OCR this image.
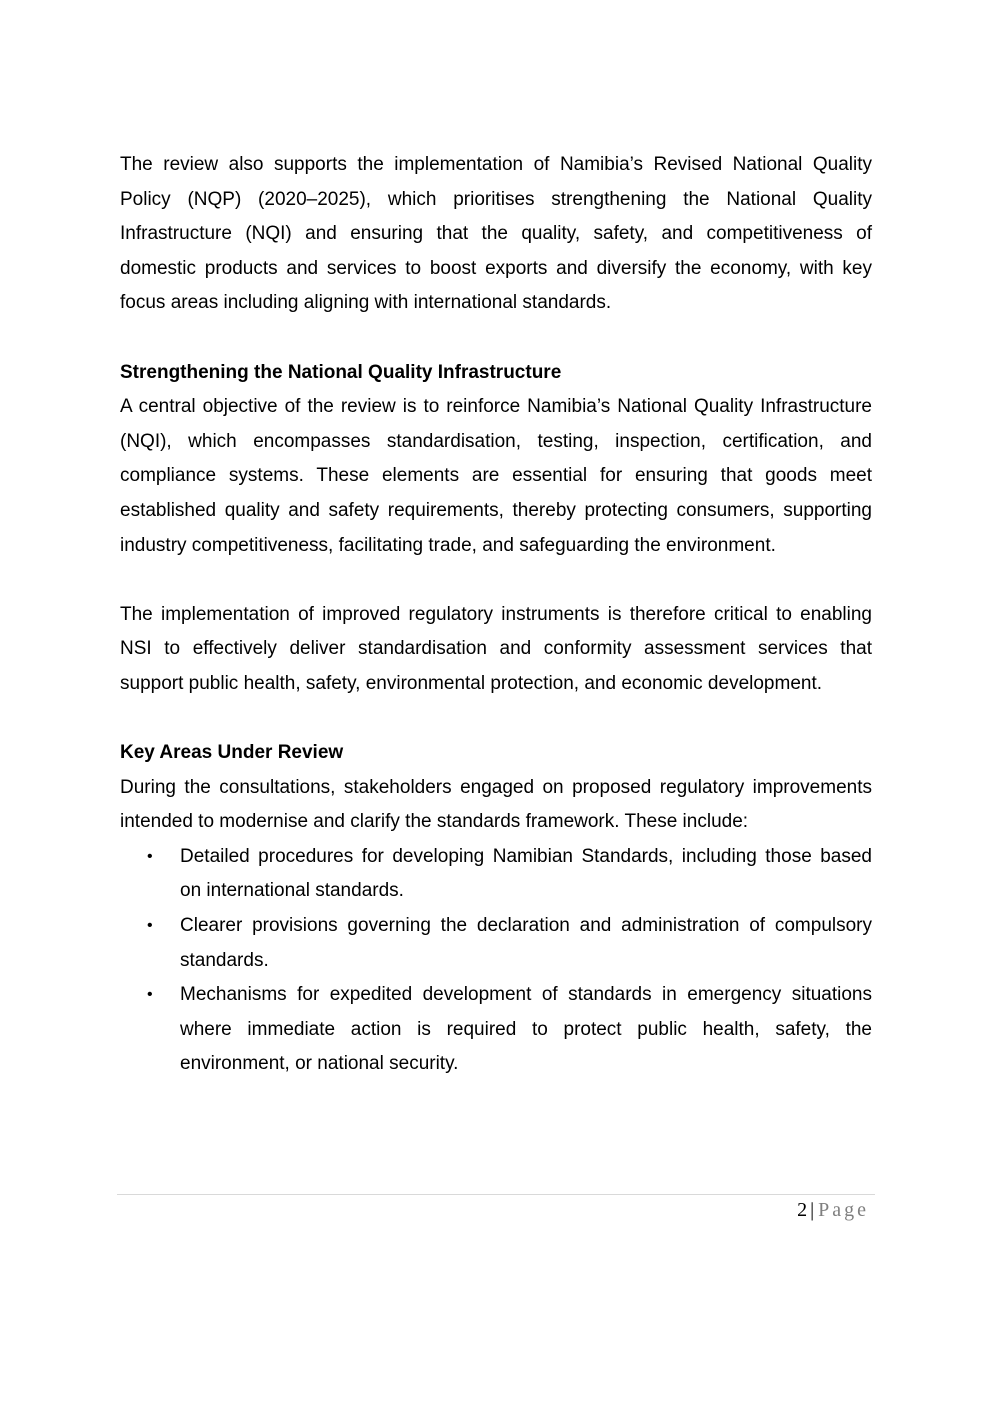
The review also supports the implementation of Namibia’s Revised National Quality Policy (NQP) (2020–2025), which prioritises strengthening the National Quality Infrastructure (NQI) and ensuring that the quality, safety, and competitiveness of domestic products and services to boost exports and diversify the economy, with key focus areas including aligning with international standards.

Strengthening the National Quality Infrastructure

A central objective of the review is to reinforce Namibia’s National Quality Infrastructure (NQI), which encompasses standardisation, testing, inspection, certification, and compliance systems. These elements are essential for ensuring that goods meet established quality and safety requirements, thereby protecting consumers, supporting industry competitiveness, facilitating trade, and safeguarding the environment.

The implementation of improved regulatory instruments is therefore critical to enabling NSI to effectively deliver standardisation and conformity assessment services that support public health, safety, environmental protection, and economic development.

Key Areas Under Review

During the consultations, stakeholders engaged on proposed regulatory improvements intended to modernise and clarify the standards framework. These include:

• Detailed procedures for developing Namibian Standards, including those based on international standards.
• Clearer provisions governing the declaration and administration of compulsory standards.
• Mechanisms for expedited development of standards in emergency situations where immediate action is required to protect public health, safety, the environment, or national security.
2 | Page
